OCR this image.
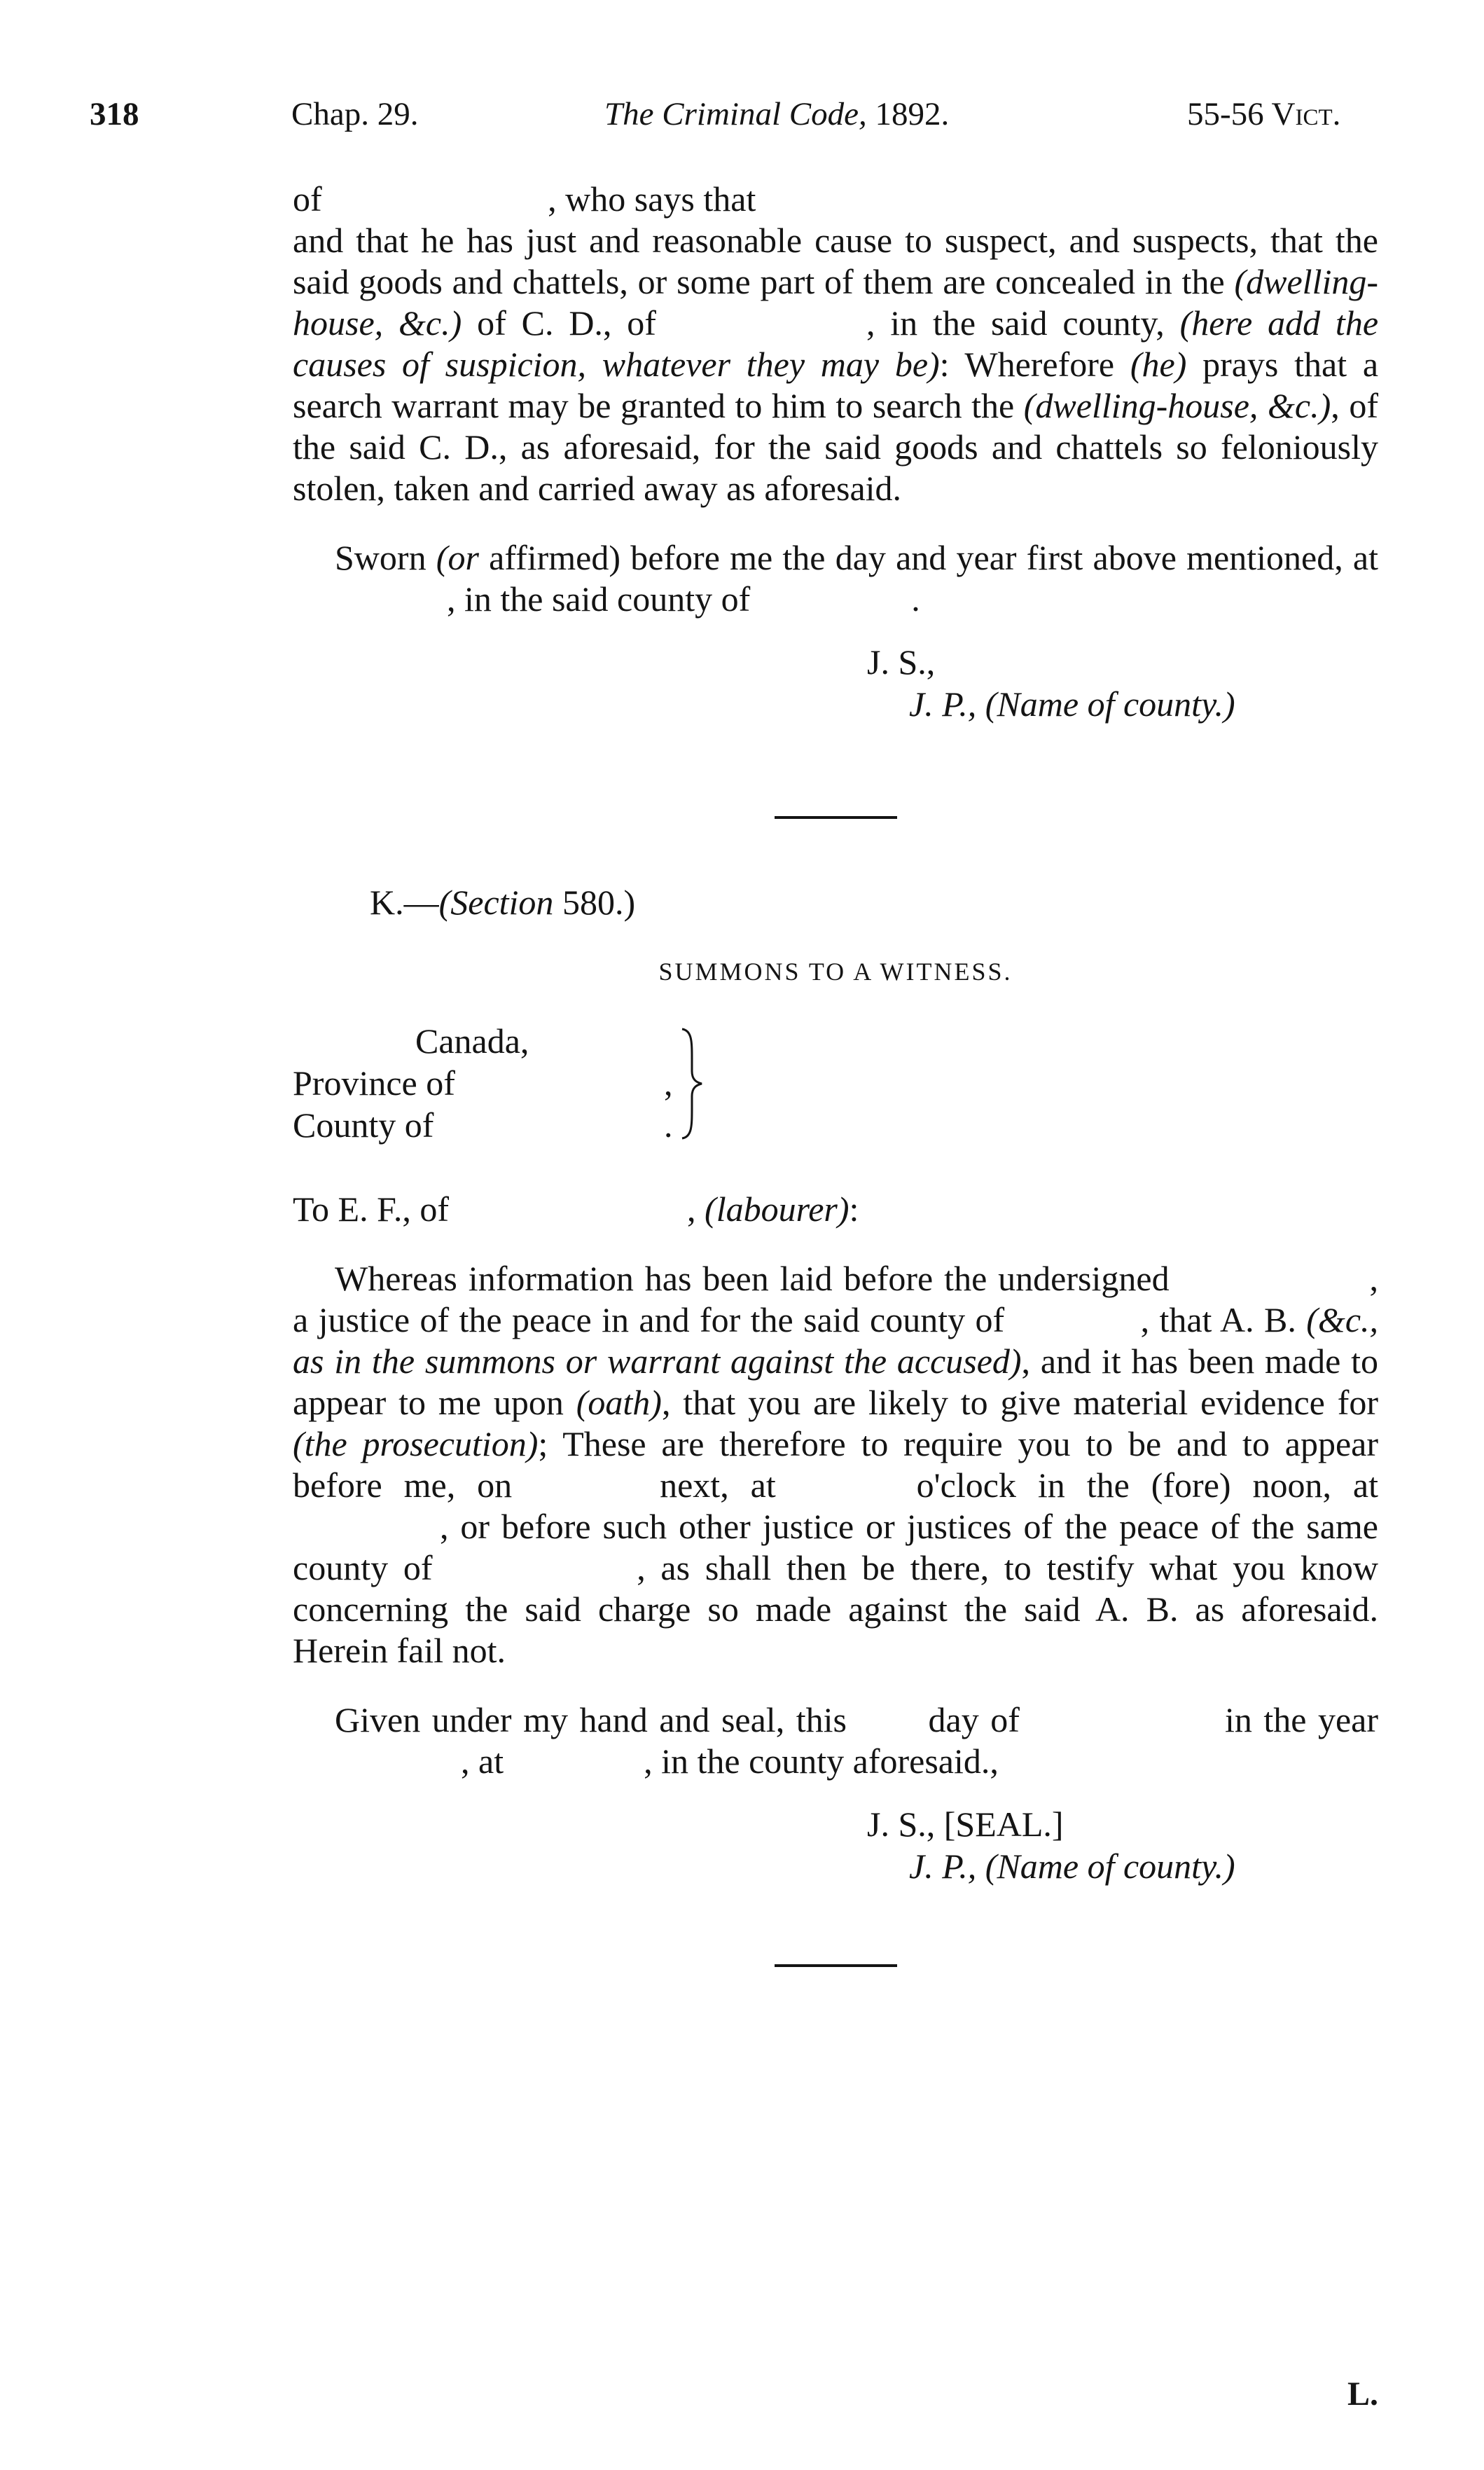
318	Chap. 29.	The Criminal Code, 1892.	55-56 Vict.

of	, who says that

and that he has just and reasonable cause to suspect, and suspects, that the said goods and chattels, or some part of them are concealed in the (dwelling-house, &c.) of C. D., of	, in the said county, (here add the causes of suspicion, whatever they may be): Wherefore (he) prays that a search warrant may be granted to him to search the (dwelling-house, &c.), of the said C. D., as aforesaid, for the said goods and chattels so feloniously stolen, taken and carried away as aforesaid.

Sworn (or affirmed) before me the day and year first above mentioned, at, in the said county of	.

J. S.,
J. P., (Name of county.)
K.—(Section 580.)
SUMMONS TO A WITNESS.
Canada,
Province of
County of
,
.

To E. F., of	, (labourer):

Whereas information has been laid before the undersigned	, a justice of the peace in and for the said county of	, that A. B. (&c., as in the summons or warrant against the accused), and it has been made to appear to me upon (oath), that you are likely to give material evidence for (the prosecution); These are therefore to require you to be and to appear before me, on	next, at	o'clock in the (fore) noon, at , or before such other justice or justices of the peace of the same county of	, as shall then be there, to testify what you know concerning the said charge so made against the said A. B. as aforesaid. Herein fail not.

Given under my hand and seal, this day of	in the year, at	, in the county aforesaid.,

J. S., [SEAL.]
J. P., (Name of county.)
L.
